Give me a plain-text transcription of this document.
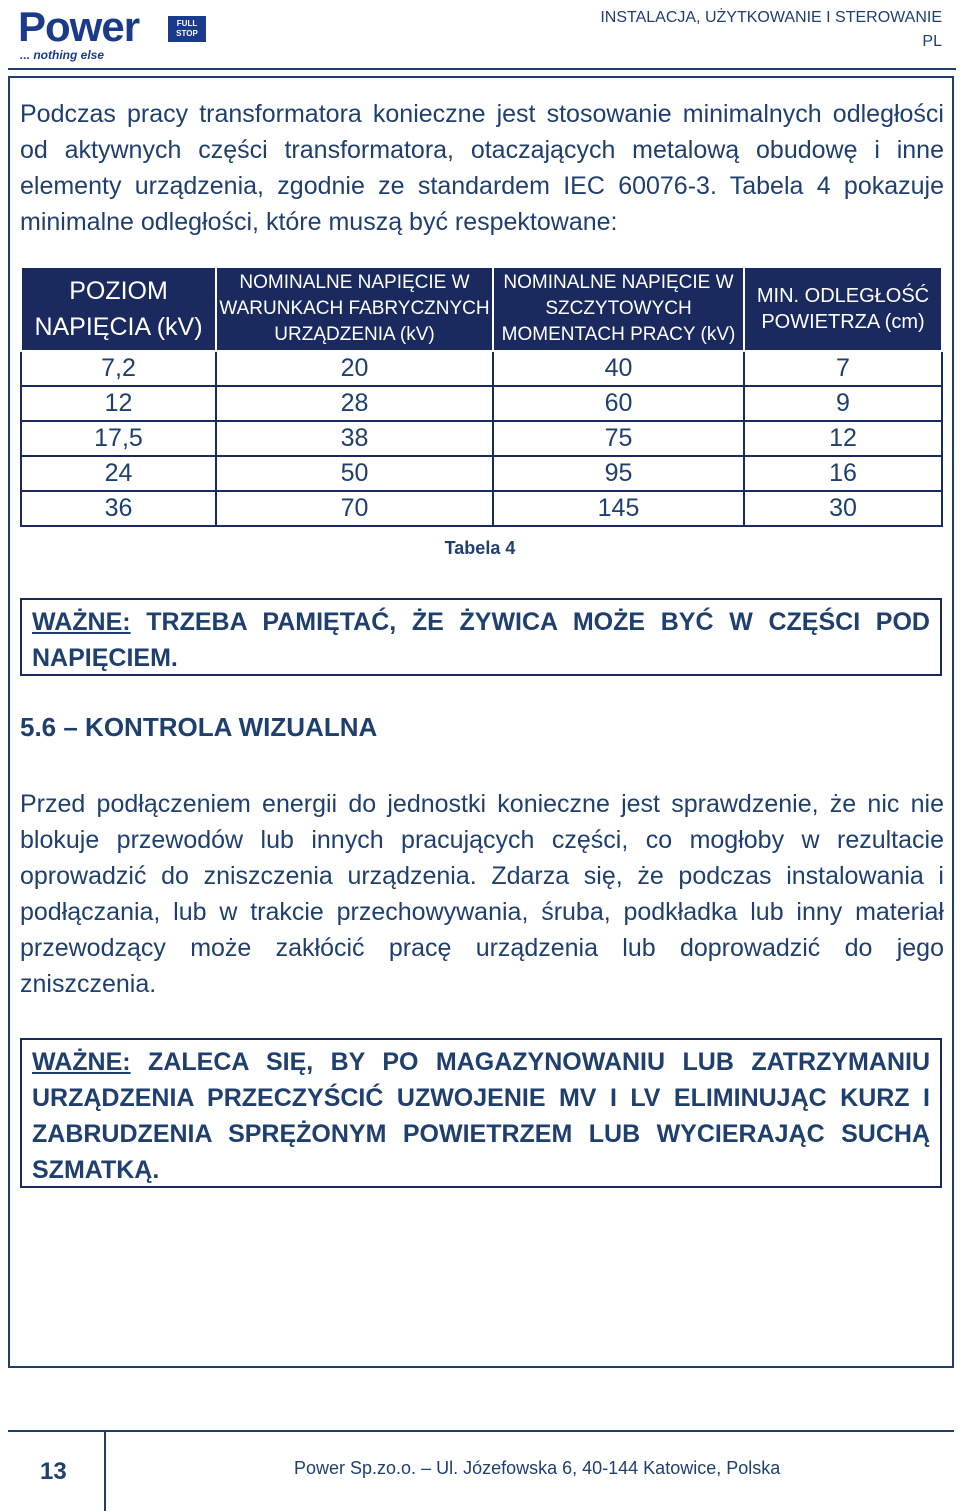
Power	FULL STOP
... nothing else
INSTALACJA, UŻYTKOWANIE I STEROWANIE
PL

Podczas pracy transformatora konieczne jest stosowanie minimalnych odległości od aktywnych części transformatora, otaczających metalową obudowę i inne elementy urządzenia, zgodnie ze standardem IEC 60076-3. Tabela 4 pokazuje minimalne odległości, które muszą być respektowane:

POZIOM NAPIĘCIA (kV)	NOMINALNE NAPIĘCIE W WARUNKACH FABRYCZNYCH URZĄDZENIA (kV)	NOMINALNE NAPIĘCIE W SZCZYTOWYCH MOMENTACH PRACY (kV)	MIN. ODLEGŁOŚĆ POWIETRZA (cm)
7,2	20	40	7
12	28	60	9
17,5	38	75	12
24	50	95	16
36	70	145	30
Tabela 4
WAŻNE: TRZEBA PAMIĘTAĆ, ŻE ŻYWICA MOŻE BYĆ W CZĘŚCI POD NAPIĘCIEM.
5.6 – KONTROLA WIZUALNA

Przed podłączeniem energii do jednostki konieczne jest sprawdzenie, że nic nie blokuje przewodów lub innych pracujących części, co mogłoby w rezultacie oprowadzić do zniszczenia urządzenia. Zdarza się, że podczas instalowania i podłączania, lub w trakcie przechowywania, śruba, podkładka lub inny materiał przewodzący może zakłócić pracę urządzenia lub doprowadzić do jego zniszczenia.

WAŻNE: ZALECA SIĘ, BY PO MAGAZYNOWANIU LUB ZATRZYMANIU URZĄDZENIA PRZECZYŚCIĆ UZWOJENIE MV I LV ELIMINUJĄC KURZ I ZABRUDZENIA SPRĘŻONYM POWIETRZEM LUB WYCIERAJĄC SUCHĄ SZMATKĄ.
13	Power Sp.zo.o. – Ul. Józefowska 6, 40-144 Katowice, Polska
